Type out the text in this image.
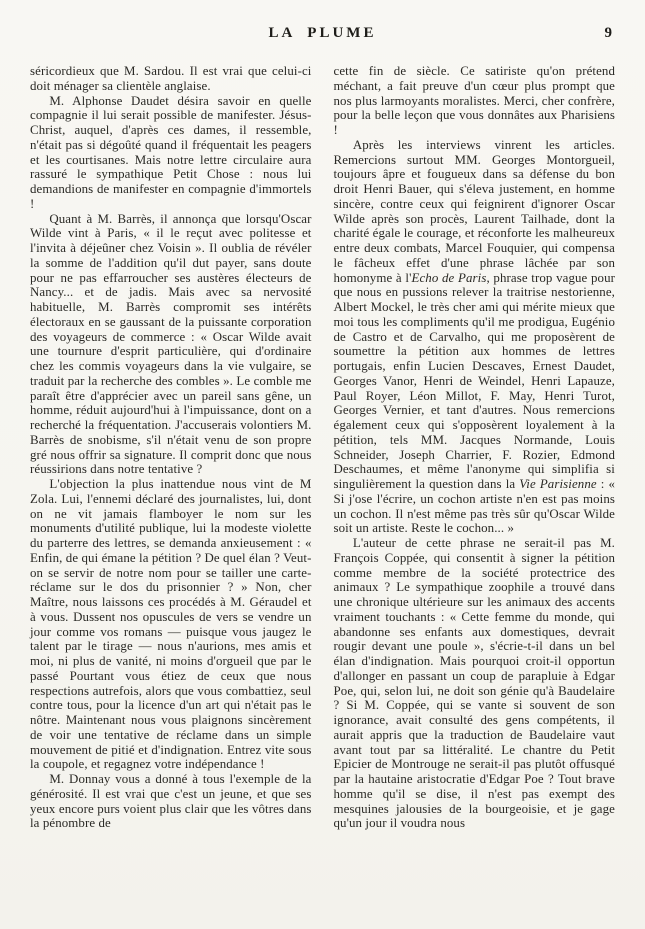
LA PLUME	9

séricordieux que M. Sardou. Il est vrai que celui-ci doit ménager sa clientèle anglaise.

M. Alphonse Daudet désira savoir en quelle compagnie il lui serait possible de manifester. Jésus-Christ, auquel, d'après ces dames, il ressemble, n'était pas si dégoûté quand il fréquentait les peagers et les courtisanes. Mais notre lettre circulaire aura rassuré le sympathique Petit Chose : nous lui demandions de manifester en compagnie d'immortels !

Quant à M. Barrès, il annonça que lorsqu'Oscar Wilde vint à Paris, « il le reçut avec politesse et l'invita à déjeûner chez Voisin ». Il oublia de révéler la somme de l'addition qu'il dut payer, sans doute pour ne pas effarroucher ses austères électeurs de Nancy... et de jadis. Mais avec sa nervosité habituelle, M. Barrès compromit ses intérêts électoraux en se gaussant de la puissante corporation des voyageurs de commerce : « Oscar Wilde avait une tournure d'esprit particulière, qui d'ordinaire chez les commis voyageurs dans la vie vulgaire, se traduit par la recherche des combles ». Le comble me paraît être d'apprécier avec un pareil sans gêne, un homme, réduit aujourd'hui à l'impuissance, dont on a recherché la fréquentation. J'accuserais volontiers M. Barrès de snobisme, s'il n'était venu de son propre gré nous offrir sa signature. Il comprit donc que nous réussirions dans notre tentative ?

L'objection la plus inattendue nous vint de M Zola. Lui, l'ennemi déclaré des journalistes, lui, dont on ne vit jamais flamboyer le nom sur les monuments d'utilité publique, lui la modeste violette du parterre des lettres, se demanda anxieusement : « Enfin, de qui émane la pétition ? De quel élan ? Veut-on se servir de notre nom pour se tailler une carte-réclame sur le dos du prisonnier ? » Non, cher Maître, nous laissons ces procédés à M. Géraudel et à vous. Dussent nos opuscules de vers se vendre un jour comme vos romans — puisque vous jaugez le talent par le tirage — nous n'aurions, mes amis et moi, ni plus de vanité, ni moins d'orgueil que par le passé Pourtant vous étiez de ceux que nous respections autrefois, alors que vous combattiez, seul contre tous, pour la licence d'un art qui n'était pas le nôtre. Maintenant nous vous plaignons sincèrement de voir une tentative de réclame dans un simple mouvement de pitié et d'indignation. Entrez vite sous la coupole, et regagnez votre indépendance !

M. Donnay vous a donné à tous l'exemple de la générosité. Il est vrai que c'est un jeune, et que ses yeux encore purs voient plus clair que les vôtres dans la pénombre de

cette fin de siècle. Ce satiriste qu'on prétend méchant, a fait preuve d'un cœur plus prompt que nos plus larmoyants moralistes. Merci, cher confrère, pour la belle leçon que vous donnâtes aux Pharisiens !

Après les interviews vinrent les articles. Remercions surtout MM. Georges Montorgueil, toujours âpre et fougueux dans sa défense du bon droit Henri Bauer, qui s'éleva justement, en homme sincère, contre ceux qui feignirent d'ignorer Oscar Wilde après son procès, Laurent Tailhade, dont la charité égale le courage, et réconforte les malheureux entre deux combats, Marcel Fouquier, qui compensa le fâcheux effet d'une phrase lâchée par son homonyme à l'Echo de Paris, phrase trop vague pour que nous en pussions relever la traitrise nestorienne, Albert Mockel, le très cher ami qui mérite mieux que moi tous les compliments qu'il me prodigua, Eugénio de Castro et de Carvalho, qui me proposèrent de soumettre la pétition aux hommes de lettres portugais, enfin Lucien Descaves, Ernest Daudet, Georges Vanor, Henri de Weindel, Henri Lapauze, Paul Royer, Léon Millot, F. May, Henri Turot, Georges Vernier, et tant d'autres. Nous remercions également ceux qui s'opposèrent loyalement à la pétition, tels MM. Jacques Normande, Louis Schneider, Joseph Charrier, F. Rozier, Edmond Deschaumes, et même l'anonyme qui simplifia si singulièrement la question dans la Vie Parisienne : « Si j'ose l'écrire, un cochon artiste n'en est pas moins un cochon. Il n'est même pas très sûr qu'Oscar Wilde soit un artiste. Reste le cochon... »

L'auteur de cette phrase ne serait-il pas M. François Coppée, qui consentit à signer la pétition comme membre de la société protectrice des animaux ? Le sympathique zoophile a trouvé dans une chronique ultérieure sur les animaux des accents vraiment touchants : « Cette femme du monde, qui abandonne ses enfants aux domestiques, devrait rougir devant une poule », s'écrie-t-il dans un bel élan d'indignation. Mais pourquoi croit-il opportun d'allonger en passant un coup de parapluie à Edgar Poe, qui, selon lui, ne doit son génie qu'à Baudelaire ? Si M. Coppée, qui se vante si souvent de son ignorance, avait consulté des gens compétents, il aurait appris que la traduction de Baudelaire vaut avant tout par sa littéralité. Le chantre du Petit Epicier de Montrouge ne serait-il pas plutôt offusqué par la hautaine aristocratie d'Edgar Poe ? Tout brave homme qu'il se dise, il n'est pas exempt des mesquines jalousies de la bourgeoisie, et je gage qu'un jour il voudra nous
